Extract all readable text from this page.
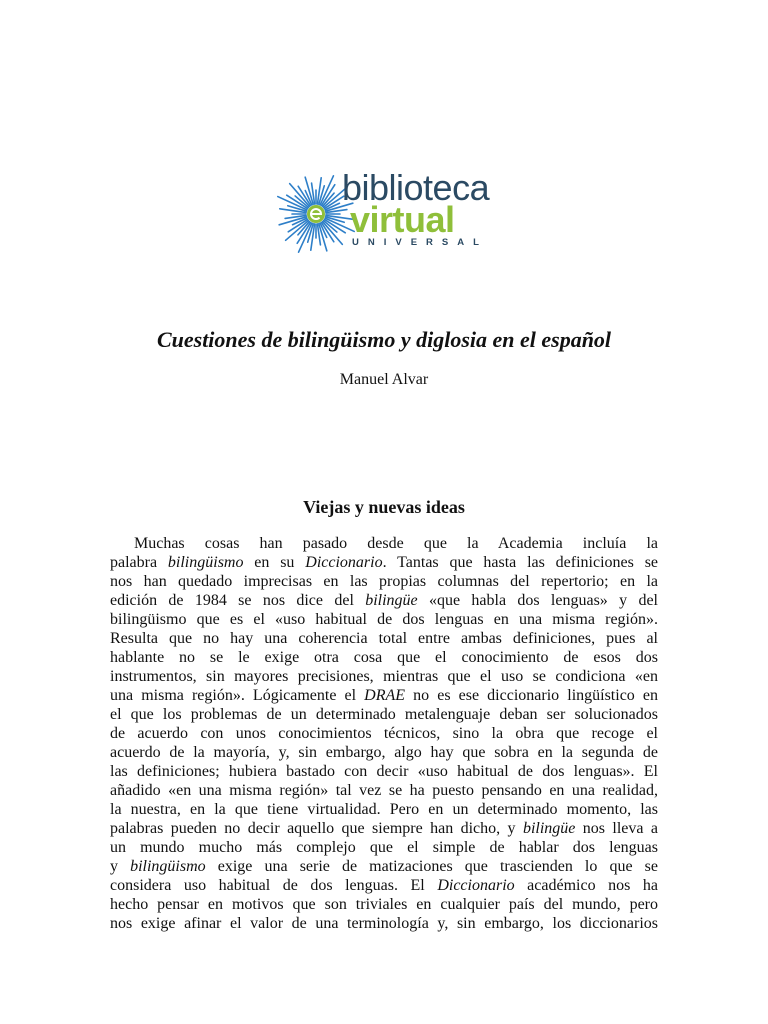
biblioteca
virtual
UNIVERSAL
Cuestiones de bilingüismo y diglosia en el español
Manuel Alvar
Viejas y nuevas ideas
Muchas cosas han pasado desde que la Academia incluía la
palabra bilingüismo en su Diccionario. Tantas que hasta las definiciones se
nos han quedado imprecisas en las propias columnas del repertorio; en la
edición de 1984 se nos dice del bilingüe «que habla dos lenguas» y del
bilingüismo que es el «uso habitual de dos lenguas en una misma región».
Resulta que no hay una coherencia total entre ambas definiciones, pues al
hablante no se le exige otra cosa que el conocimiento de esos dos
instrumentos, sin mayores precisiones, mientras que el uso se condiciona «en
una misma región». Lógicamente el DRAE no es ese diccionario lingüístico en
el que los problemas de un determinado metalenguaje deban ser solucionados
de acuerdo con unos conocimientos técnicos, sino la obra que recoge el
acuerdo de la mayoría, y, sin embargo, algo hay que sobra en la segunda de
las definiciones; hubiera bastado con decir «uso habitual de dos lenguas». El
añadido «en una misma región» tal vez se ha puesto pensando en una realidad,
la nuestra, en la que tiene virtualidad. Pero en un determinado momento, las
palabras pueden no decir aquello que siempre han dicho, y bilingüe nos lleva a
un mundo mucho más complejo que el simple de hablar dos lenguas
y bilingüismo exige una serie de matizaciones que trascienden lo que se
considera uso habitual de dos lenguas. El Diccionario académico nos ha
hecho pensar en motivos que son triviales en cualquier país del mundo, pero
nos exige afinar el valor de una terminología y, sin embargo, los diccionarios
